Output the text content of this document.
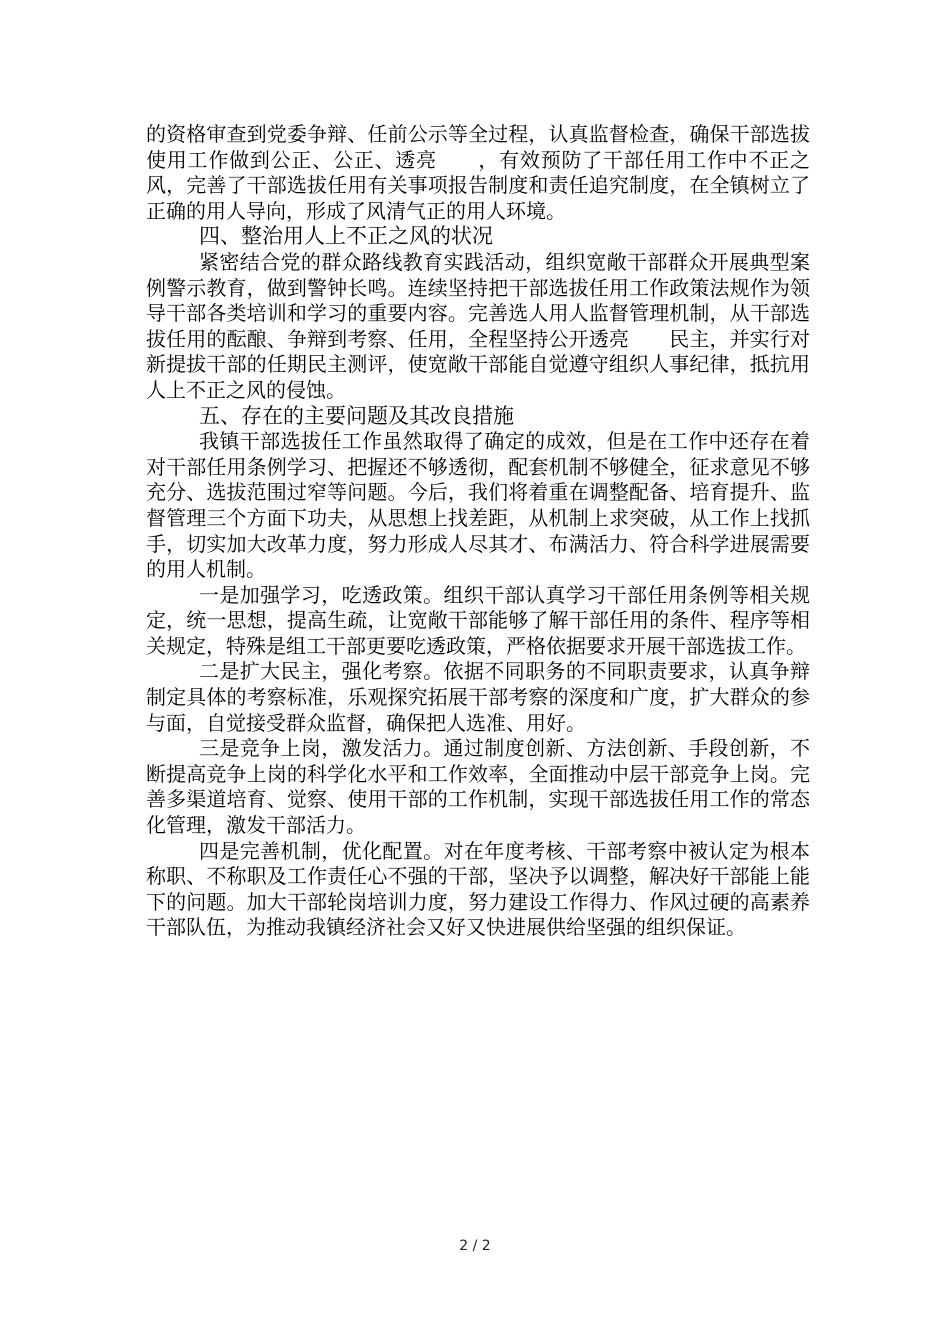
的资格审查到党委争辩、任前公示等全过程，认真监督检查，确保干部选拔使用工作做到公正、公正、透亮　　，有效预防了干部任用工作中不正之风，完善了干部选拔任用有关事项报告制度和责任追究制度，在全镇树立了正确的用人导向，形成了风清气正的用人环境。

四、整治用人上不正之风的状况

紧密结合党的群众路线教育实践活动，组织宽敞干部群众开展典型案例警示教育，做到警钟长鸣。连续坚持把干部选拔任用工作政策法规作为领导干部各类培训和学习的重要内容。完善选人用人监督管理机制，从干部选拔任用的酝酿、争辩到考察、任用，全程坚持公开透亮　　民主，并实行对新提拔干部的任期民主测评，使宽敞干部能自觉遵守组织人事纪律，抵抗用人上不正之风的侵蚀。

五、存在的主要问题及其改良措施

我镇干部选拔任工作虽然取得了确定的成效，但是在工作中还存在着对干部任用条例学习、把握还不够透彻，配套机制不够健全，征求意见不够充分、选拔范围过窄等问题。今后，我们将着重在调整配备、培育提升、监督管理三个方面下功夫，从思想上找差距，从机制上求突破，从工作上找抓手，切实加大改革力度，努力形成人尽其才、布满活力、符合科学进展需要的用人机制。

一是加强学习，吃透政策。组织干部认真学习干部任用条例等相关规定，统一思想，提高生疏，让宽敞干部能够了解干部任用的条件、程序等相关规定，特殊是组工干部更要吃透政策，严格依据要求开展干部选拔工作。

二是扩大民主，强化考察。依据不同职务的不同职责要求，认真争辩制定具体的考察标准，乐观探究拓展干部考察的深度和广度，扩大群众的参与面，自觉接受群众监督，确保把人选准、用好。

三是竞争上岗，激发活力。通过制度创新、方法创新、手段创新，不断提高竞争上岗的科学化水平和工作效率，全面推动中层干部竞争上岗。完善多渠道培育、觉察、使用干部的工作机制，实现干部选拔任用工作的常态化管理，激发干部活力。

四是完善机制，优化配置。对在年度考核、干部考察中被认定为根本称职、不称职及工作责任心不强的干部，坚决予以调整，解决好干部能上能下的问题。加大干部轮岗培训力度，努力建设工作得力、作风过硬的高素养干部队伍，为推动我镇经济社会又好又快进展供给坚强的组织保证。

2 / 2
